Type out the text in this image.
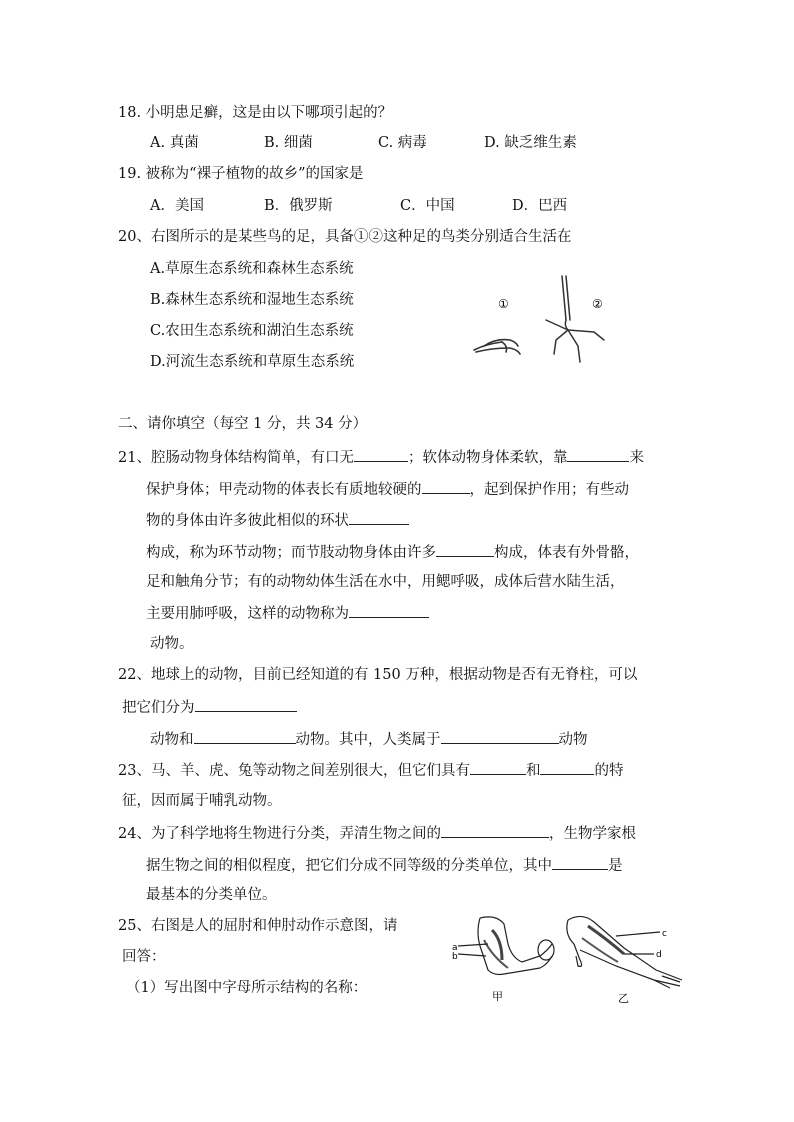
18. 小明患足癣，这是由以下哪项引起的？
A. 真菌	B. 细菌	C. 病毒	D. 缺乏维生素
19. 被称为“裸子植物的故乡”的国家是
A．美国	B．俄罗斯	C．中国	D．巴西
20、右图所示的是某些鸟的足，具备①②这种足的鸟类分别适合生活在
A.草原生态系统和森林生态系统
B.森林生态系统和湿地生态系统
C.农田生态系统和湖泊生态系统
D.河流生态系统和草原生态系统
①	②
二、请你填空（每空 1 分，共 34 分）
21、腔肠动物身体结构简单，有口无	；软体动物身体柔软，靠	来
保护身体；甲壳动物的体表长有质地较硬的	，起到保护作用；有些动
物的身体由许多彼此相似的环状
构成，称为环节动物；而节肢动物身体由许多	构成，体表有外骨骼，
足和触角分节；有的动物幼体生活在水中，用鳃呼吸，成体后营水陆生活，
主要用肺呼吸，这样的动物称为
动物。
22、地球上的动物，目前已经知道的有 150 万种，根据动物是否有无脊柱，可以
把它们分为
动物和	动物。其中，人类属于	动物
23、马、羊、虎、兔等动物之间差别很大，但它们具有	和	的特
征，因而属于哺乳动物。
24、为了科学地将生物进行分类，弄清生物之间的	，生物学家根
据生物之间的相似程度，把它们分成不同等级的分类单位，其中	是
最基本的分类单位。
25、右图是人的屈肘和伸肘动作示意图，请
回答：
（1）写出图中字母所示结构的名称：
a
b
甲
c
d
乙
